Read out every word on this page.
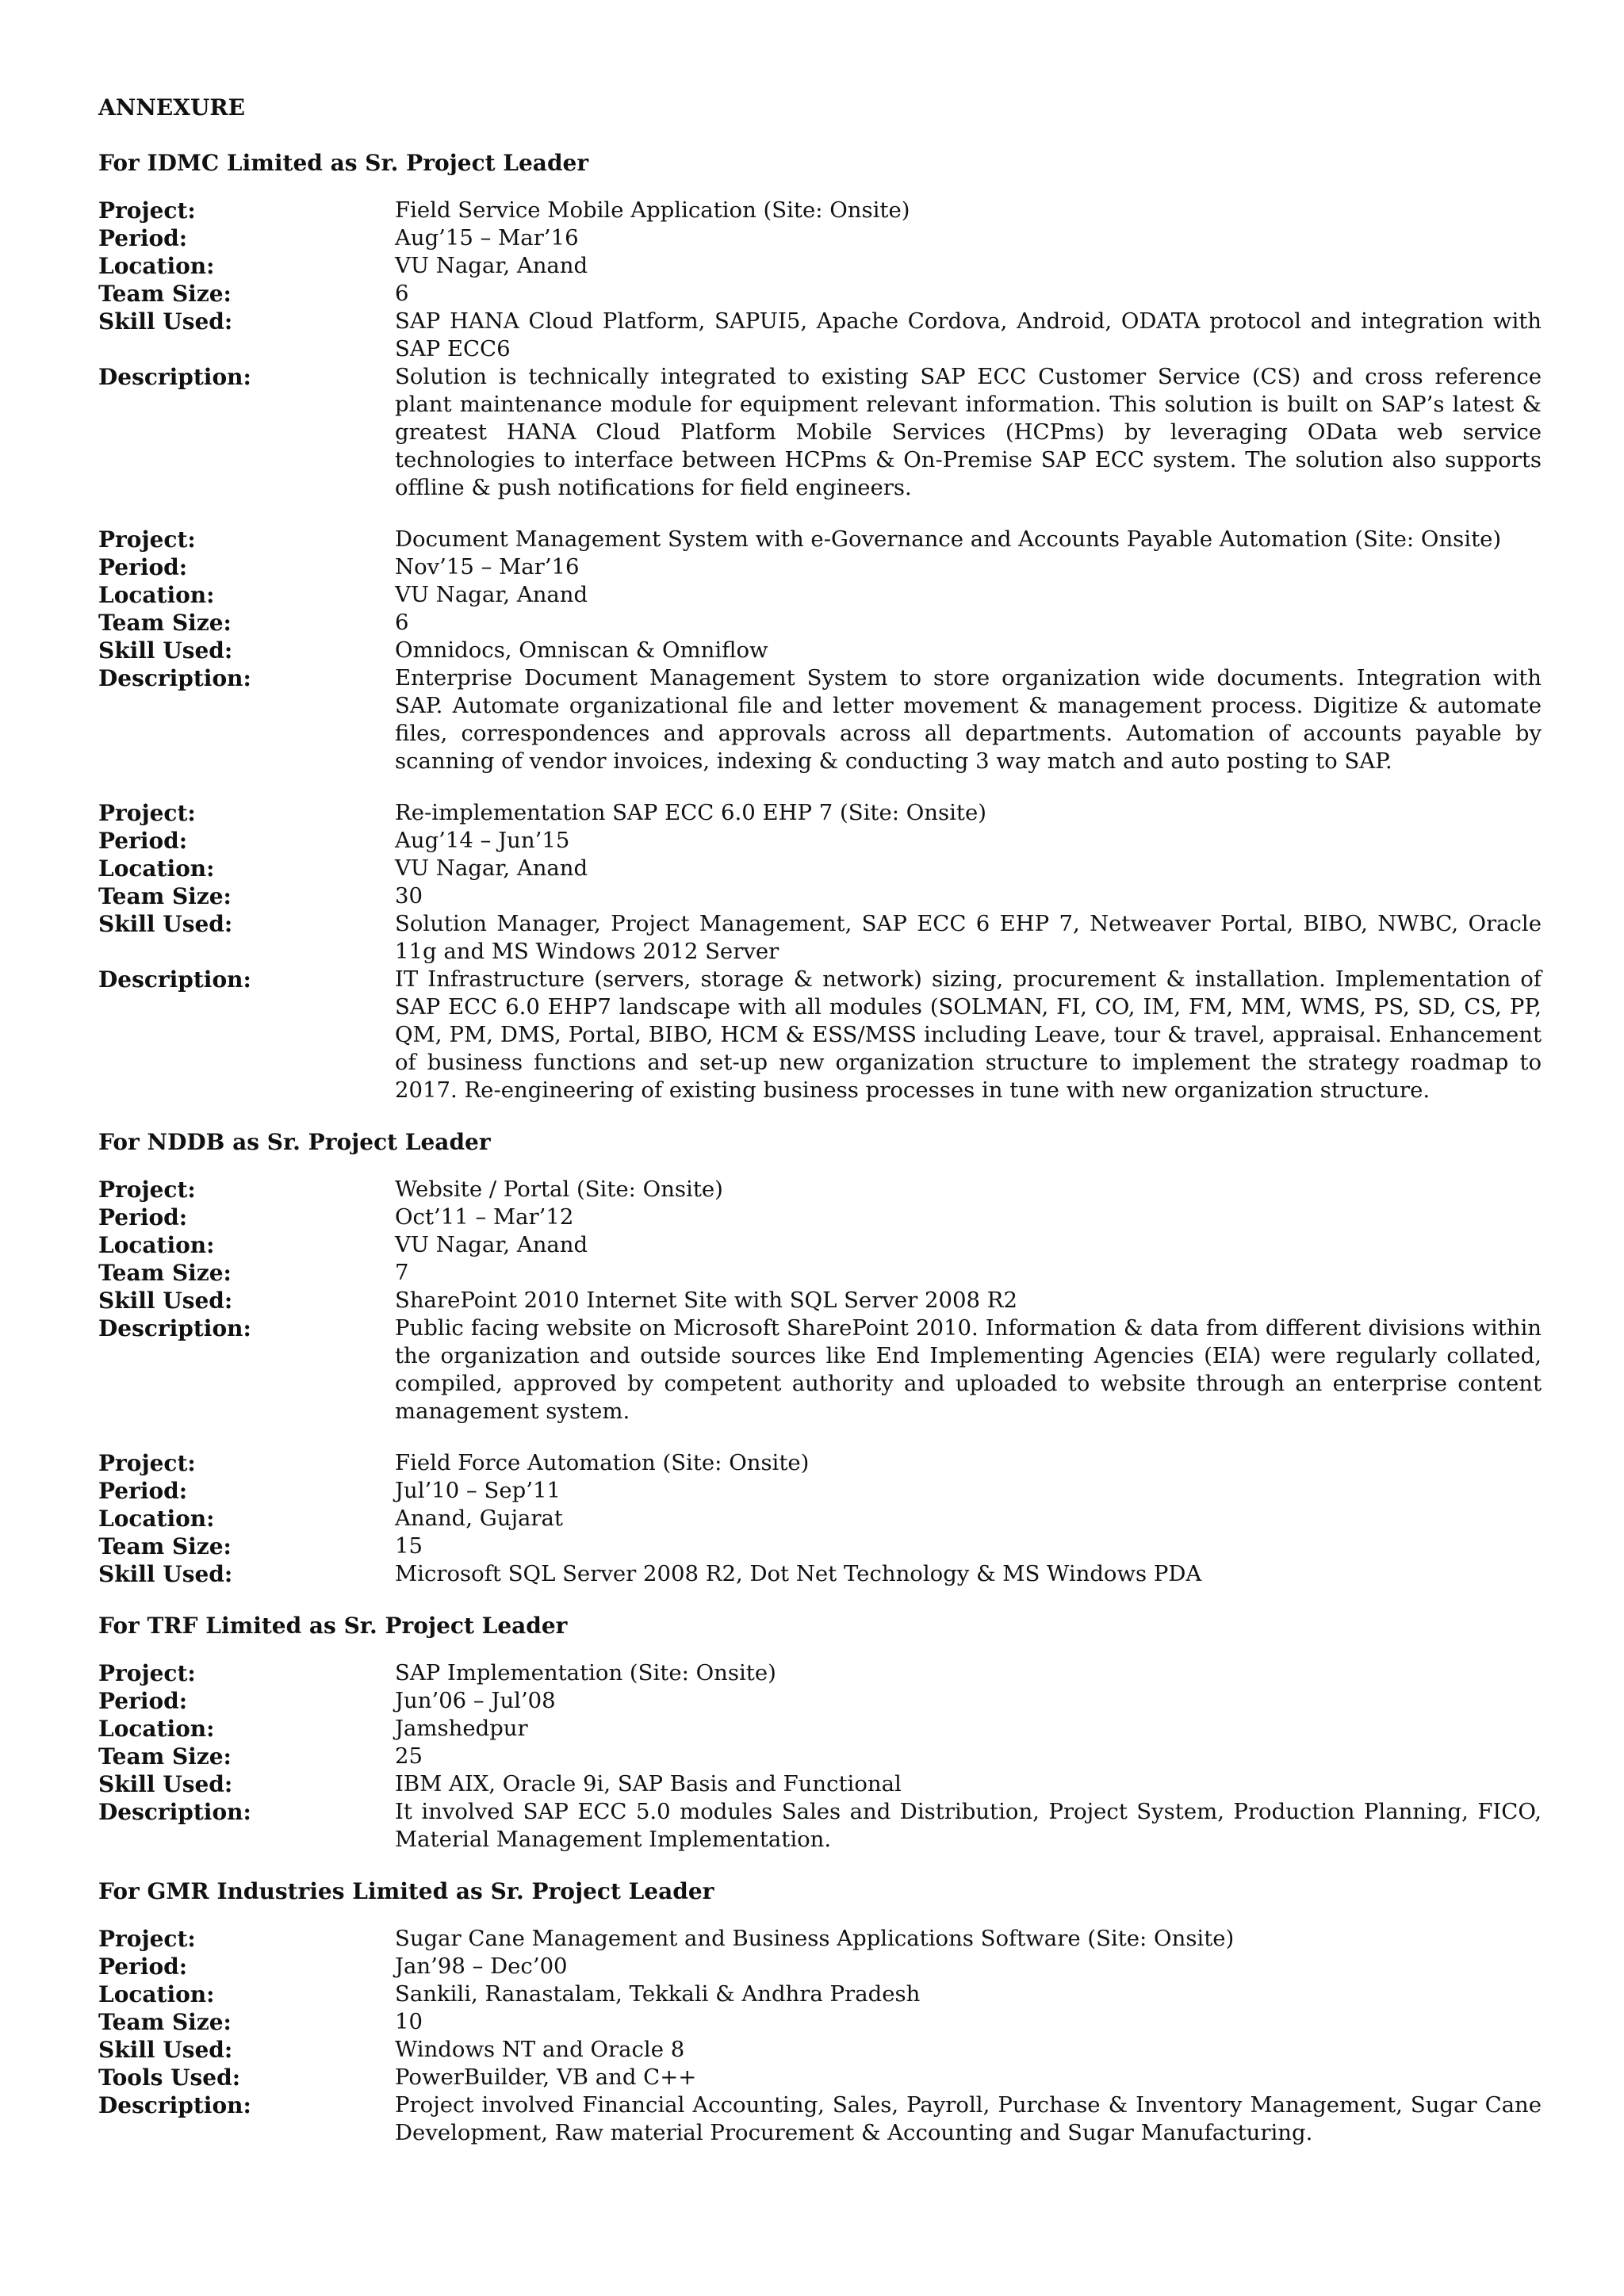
ANNEXURE
For IDMC Limited as Sr. Project Leader
Project:	Field Service Mobile Application (Site: Onsite)
Period:	Aug’15 – Mar’16
Location:	VU Nagar, Anand
Team Size:	6
Skill Used:	SAP HANA Cloud Platform, SAPUI5, Apache Cordova, Android, ODATA protocol and integration with SAP ECC6
Description:	Solution is technically integrated to existing SAP ECC Customer Service (CS) and cross reference plant maintenance module for equipment relevant information. This solution is built on SAP’s latest & greatest HANA Cloud Platform Mobile Services (HCPms) by leveraging OData web service technologies to interface between HCPms & On-Premise SAP ECC system. The solution also supports offline & push notifications for field engineers.
Project:	Document Management System with e-Governance and Accounts Payable Automation (Site: Onsite)
Period:	Nov’15 – Mar’16
Location:	VU Nagar, Anand
Team Size:	6
Skill Used:	Omnidocs, Omniscan & Omniflow
Description:	Enterprise Document Management System to store organization wide documents. Integration with SAP. Automate organizational file and letter movement & management process. Digitize & automate files, correspondences and approvals across all departments. Automation of accounts payable by scanning of vendor invoices, indexing & conducting 3 way match and auto posting to SAP.
Project:	Re-implementation SAP ECC 6.0 EHP 7 (Site: Onsite)
Period:	Aug’14 – Jun’15
Location:	VU Nagar, Anand
Team Size:	30
Skill Used:	Solution Manager, Project Management, SAP ECC 6 EHP 7, Netweaver Portal, BIBO, NWBC, Oracle 11g and MS Windows 2012 Server
Description:	IT Infrastructure (servers, storage & network) sizing, procurement & installation. Implementation of SAP ECC 6.0 EHP7 landscape with all modules (SOLMAN, FI, CO, IM, FM, MM, WMS, PS, SD, CS, PP, QM, PM, DMS, Portal, BIBO, HCM & ESS/MSS including Leave, tour & travel, appraisal. Enhancement of business functions and set-up new organization structure to implement the strategy roadmap to 2017. Re-engineering of existing business processes in tune with new organization structure.
For NDDB as Sr. Project Leader
Project:	Website / Portal (Site: Onsite)
Period:	Oct’11 – Mar’12
Location:	VU Nagar, Anand
Team Size:	7
Skill Used:	SharePoint 2010 Internet Site with SQL Server 2008 R2
Description:	Public facing website on Microsoft SharePoint 2010. Information & data from different divisions within the organization and outside sources like End Implementing Agencies (EIA) were regularly collated, compiled, approved by competent authority and uploaded to website through an enterprise content management system.
Project:	Field Force Automation (Site: Onsite)
Period:	Jul’10 – Sep’11
Location:	Anand, Gujarat
Team Size:	15
Skill Used:	Microsoft SQL Server 2008 R2, Dot Net Technology & MS Windows PDA
For TRF Limited as Sr. Project Leader
Project:	SAP Implementation (Site: Onsite)
Period:	Jun’06 – Jul’08
Location:	Jamshedpur
Team Size:	25
Skill Used:	IBM AIX, Oracle 9i, SAP Basis and Functional
Description:	It involved SAP ECC 5.0 modules Sales and Distribution, Project System, Production Planning, FICO, Material Management Implementation.
For GMR Industries Limited as Sr. Project Leader
Project:	Sugar Cane Management and Business Applications Software (Site: Onsite)
Period:	Jan’98 – Dec’00
Location:	Sankili, Ranastalam, Tekkali & Andhra Pradesh
Team Size:	10
Skill Used:	Windows NT and Oracle 8
Tools Used:	PowerBuilder, VB and C++
Description:	Project involved Financial Accounting, Sales, Payroll, Purchase & Inventory Management, Sugar Cane Development, Raw material Procurement & Accounting and Sugar Manufacturing.
